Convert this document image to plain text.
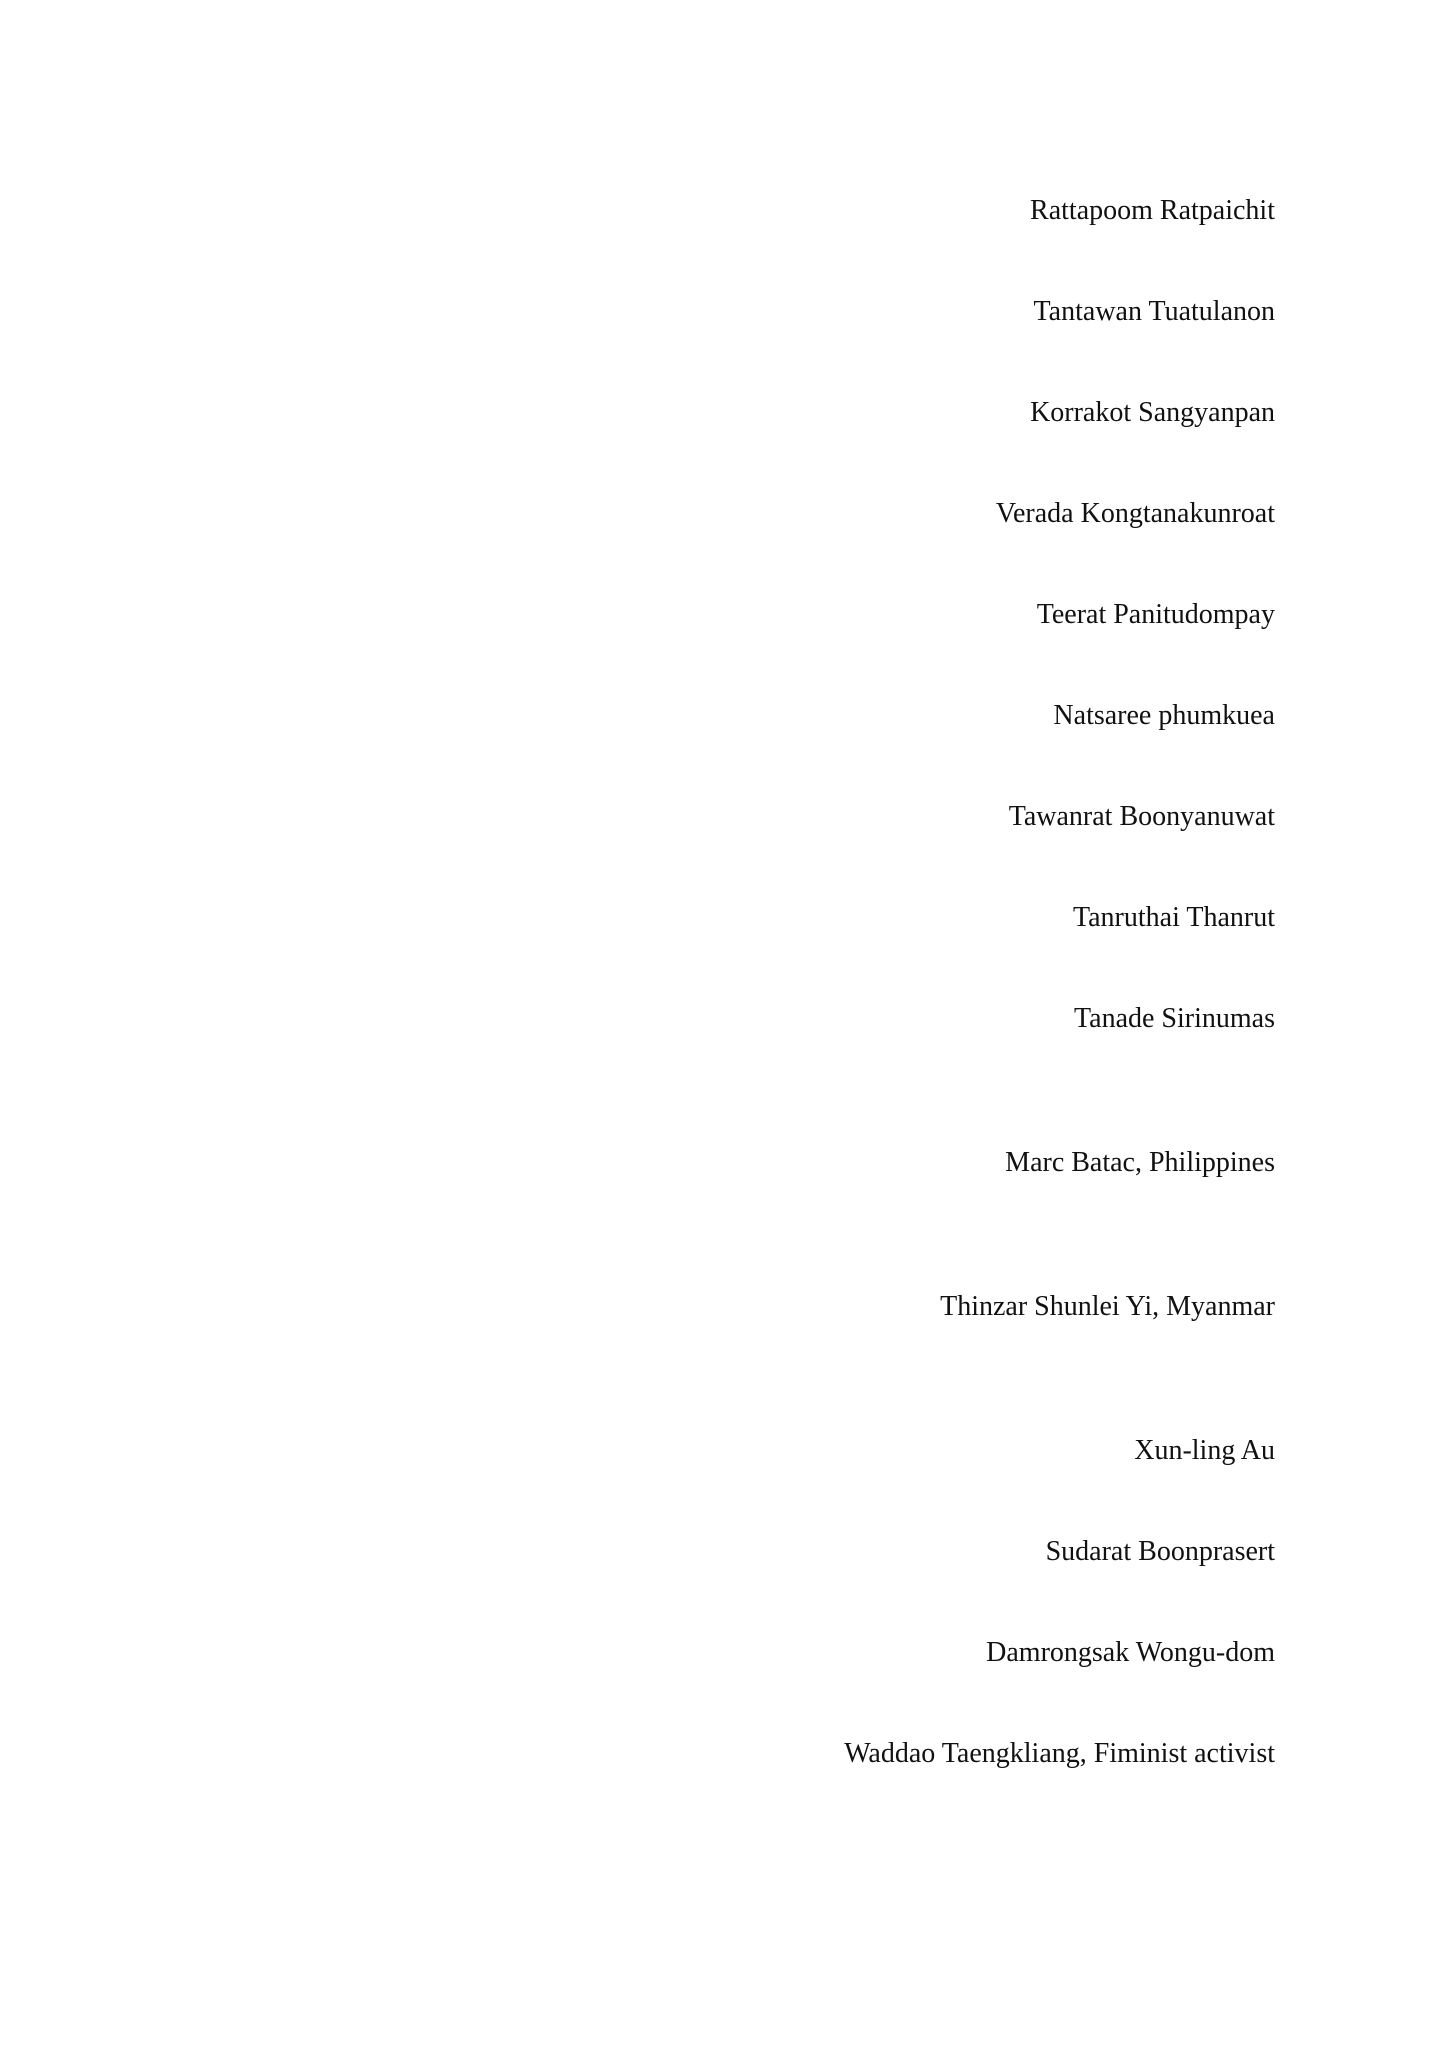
Rattapoom Ratpaichit
Tantawan Tuatulanon
Korrakot Sangyanpan
Verada Kongtanakunroat
Teerat Panitudompay
Natsaree phumkuea
Tawanrat Boonyanuwat
Tanruthai Thanrut
Tanade Sirinumas
Marc Batac, Philippines
Thinzar Shunlei Yi, Myanmar
Xun-ling Au
Sudarat Boonprasert
Damrongsak Wongu-dom
Waddao Taengkliang, Fiminist activist
